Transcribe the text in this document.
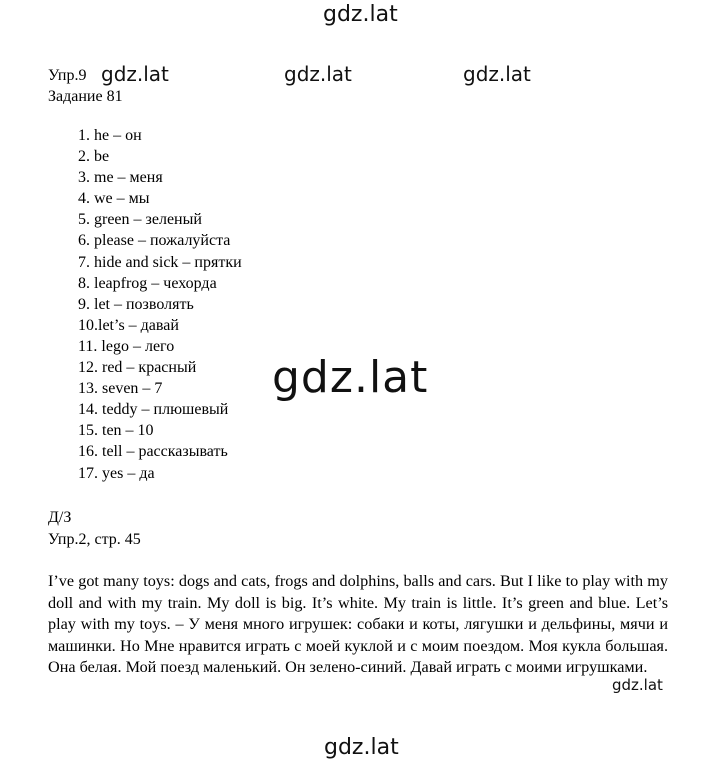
gdz.lat
gdz.lat	gdz.lat	gdz.lat
Упр.9
Задание 81
1. he – он
2. be
3. me – меня
4. we – мы
5. green – зеленый
6. please – пожалуйста
7. hide and sick – прятки
8. leapfrog – чехорда
9. let – позволять
10.let’s – давай
11. lego – лего
12. red – красный
13. seven – 7
14. teddy – плюшевый
15. ten – 10
16. tell – рассказывать
17. yes – да
gdz.lat
Д/З
Упр.2, стр. 45

I’ve got many toys: dogs and cats, frogs and dolphins, balls and cars. But I like to play with my doll and with my train. My doll is big. It’s white. My train is little. It’s green and blue. Let’s play with my toys. – У меня много игрушек: собаки и коты, лягушки и дельфины, мячи и машинки. Но Мне нравится играть с моей куклой и с моим поездом. Моя кукла большая. Она белая. Мой поезд маленький. Он зелено-синий. Давай играть с моими игрушками.

gdz.lat
gdz.lat
